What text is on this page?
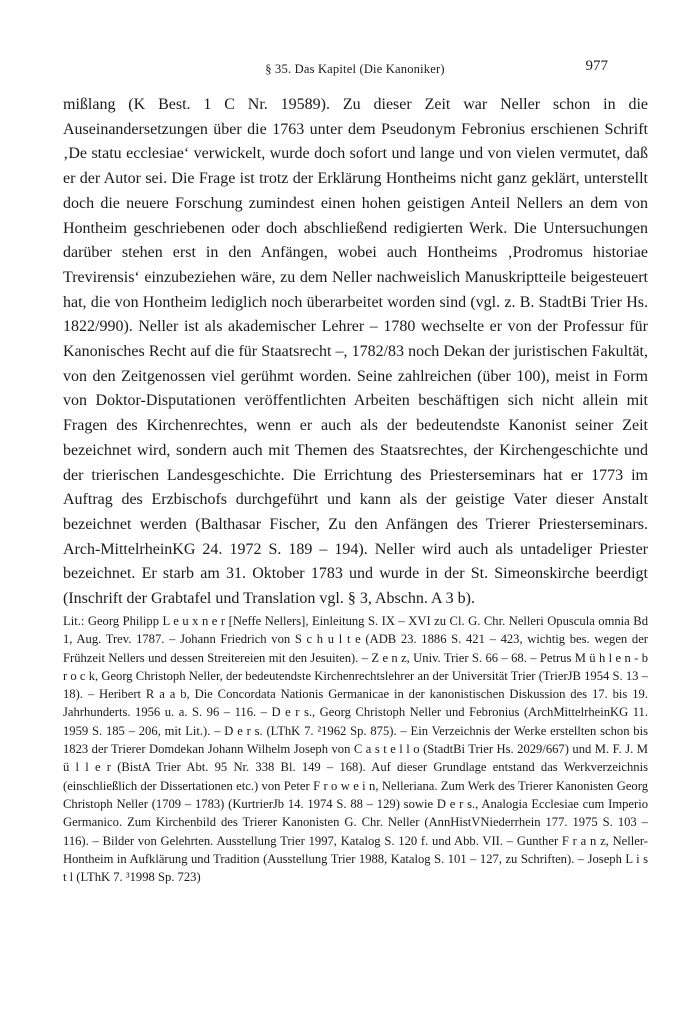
§ 35. Das Kapitel (Die Kanoniker)	977

mißlang (K Best. 1 C Nr. 19589). Zu dieser Zeit war Neller schon in die Auseinandersetzungen über die 1763 unter dem Pseudonym Febronius erschienen Schrift ‚De statu ecclesiae‘ verwickelt, wurde doch sofort und lange und von vielen vermutet, daß er der Autor sei. Die Frage ist trotz der Erklärung Hontheims nicht ganz geklärt, unterstellt doch die neuere Forschung zumindest einen hohen geistigen Anteil Nellers an dem von Hontheim geschriebenen oder doch abschließend redigierten Werk. Die Untersuchungen darüber stehen erst in den Anfängen, wobei auch Hontheims ‚Prodromus historiae Trevirensis‘ einzubeziehen wäre, zu dem Neller nachweislich Manuskriptteile beigesteuert hat, die von Hontheim lediglich noch überarbeitet worden sind (vgl. z. B. StadtBi Trier Hs. 1822/990). Neller ist als akademischer Lehrer – 1780 wechselte er von der Professur für Kanonisches Recht auf die für Staatsrecht –, 1782/83 noch Dekan der juristischen Fakultät, von den Zeitgenossen viel gerühmt worden. Seine zahlreichen (über 100), meist in Form von Doktor-Disputationen veröffentlichten Arbeiten beschäftigen sich nicht allein mit Fragen des Kirchenrechtes, wenn er auch als der bedeutendste Kanonist seiner Zeit bezeichnet wird, sondern auch mit Themen des Staatsrechtes, der Kirchengeschichte und der trierischen Landesgeschichte. Die Errichtung des Priesterseminars hat er 1773 im Auftrag des Erzbischofs durchgeführt und kann als der geistige Vater dieser Anstalt bezeichnet werden (Balthasar Fischer, Zu den Anfängen des Trierer Priesterseminars. Arch-MittelrheinKG 24. 1972 S. 189 – 194). Neller wird auch als untadeliger Priester bezeichnet. Er starb am 31. Oktober 1783 und wurde in der St. Simeonskirche beerdigt (Inschrift der Grabtafel und Translation vgl. § 3, Abschn. A 3 b).

Lit.: Georg Philipp L e u x n e r [Neffe Nellers], Einleitung S. IX – XVI zu Cl. G. Chr. Nelleri Opuscula omnia Bd 1, Aug. Trev. 1787. – Johann Friedrich von S c h u l t e (ADB 23. 1886 S. 421 – 423, wichtig bes. wegen der Frühzeit Nellers und dessen Streitereien mit den Jesuiten). – Z e n z, Univ. Trier S. 66 – 68. – Petrus M ü h l e n - b r o c k, Georg Christoph Neller, der bedeutendste Kirchenrechtslehrer an der Universität Trier (TrierJB 1954 S. 13 – 18). – Heribert R a a b, Die Concordata Nationis Germanicae in der kanonistischen Diskussion des 17. bis 19. Jahrhunderts. 1956 u. a. S. 96 – 116. – D e r s., Georg Christoph Neller und Febronius (ArchMittelrheinKG 11. 1959 S. 185 – 206, mit Lit.). – D e r s. (LThK 7. ²1962 Sp. 875). – Ein Verzeichnis der Werke erstellten schon bis 1823 der Trierer Domdekan Johann Wilhelm Joseph von C a s t e l l o (StadtBi Trier Hs. 2029/667) und M. F. J. M ü l l e r (BistA Trier Abt. 95 Nr. 338 Bl. 149 – 168). Auf dieser Grundlage entstand das Werkverzeichnis (einschließlich der Dissertationen etc.) von Peter F r o w e i n, Nelleriana. Zum Werk des Trierer Kanonisten Georg Christoph Neller (1709 – 1783) (KurtrierJb 14. 1974 S. 88 – 129) sowie D e r s., Analogia Ecclesiae cum Imperio Germanico. Zum Kirchenbild des Trierer Kanonisten G. Chr. Neller (AnnHistVNiederrhein 177. 1975 S. 103 – 116). – Bilder von Gelehrten. Ausstellung Trier 1997, Katalog S. 120 f. und Abb. VII. – Gunther F r a n z, Neller-Hontheim in Aufklärung und Tradition (Ausstellung Trier 1988, Katalog S. 101 – 127, zu Schriften). – Joseph L i s t l (LThK 7. ³1998 Sp. 723)
